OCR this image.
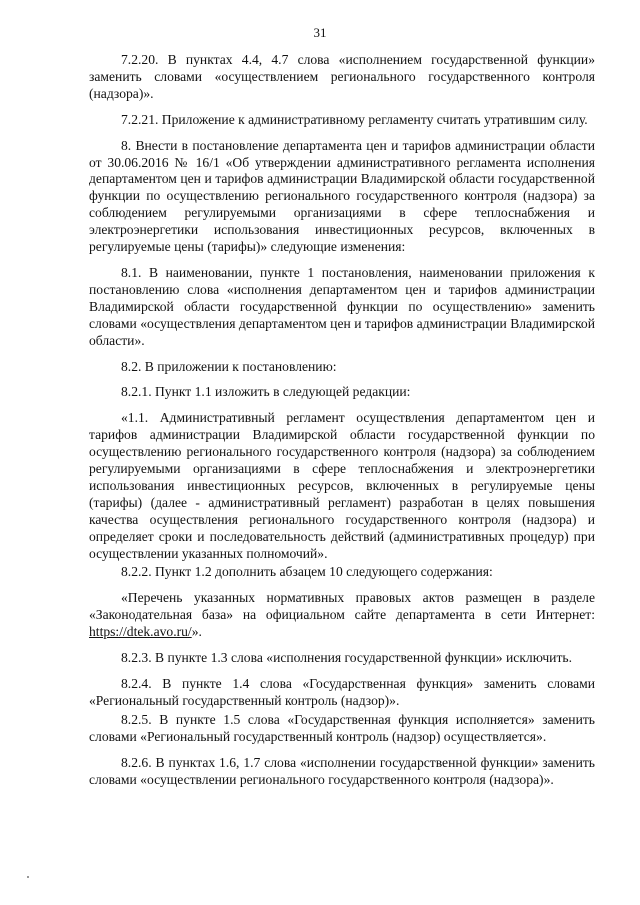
31

7.2.20. В пунктах 4.4, 4.7 слова «исполнением государственной функции» заменить словами «осуществлением регионального государственного контроля (надзора)».

7.2.21. Приложение к административному регламенту считать утратившим силу.

8. Внести в постановление департамента цен и тарифов администрации области от 30.06.2016 № 16/1 «Об утверждении административного регламента исполнения департаментом цен и тарифов администрации Владимирской области государственной функции по осуществлению регионального государственного контроля (надзора) за соблюдением регулируемыми организациями в сфере теплоснабжения и электроэнергетики использования инвестиционных ресурсов, включенных в регулируемые цены (тарифы)» следующие изменения:

8.1. В наименовании, пункте 1 постановления, наименовании приложения к постановлению слова «исполнения департаментом цен и тарифов администрации Владимирской области государственной функции по осуществлению» заменить словами «осуществления департаментом цен и тарифов администрации Владимирской области».

8.2. В приложении к постановлению:

8.2.1. Пункт 1.1 изложить в следующей редакции:

«1.1. Административный регламент осуществления департаментом цен и тарифов администрации Владимирской области государственной функции по осуществлению регионального государственного контроля (надзора) за соблюдением регулируемыми организациями в сфере теплоснабжения и электроэнергетики использования инвестиционных ресурсов, включенных в регулируемые цены (тарифы) (далее - административный регламент) разработан в целях повышения качества осуществления регионального государственного контроля (надзора) и определяет сроки и последовательность действий (административных процедур) при осуществлении указанных полномочий».

8.2.2. Пункт 1.2 дополнить абзацем 10 следующего содержания:

«Перечень указанных нормативных правовых актов размещен в разделе «Законодательная база» на официальном сайте департамента в сети Интернет: https://dtek.avo.ru/».

8.2.3. В пункте 1.3 слова «исполнения государственной функции» исключить.

8.2.4. В пункте 1.4 слова «Государственная функция» заменить словами «Региональный государственный контроль (надзор)».

8.2.5. В пункте 1.5 слова «Государственная функция исполняется» заменить словами «Региональный государственный контроль (надзор) осуществляется».

8.2.6. В пунктах 1.6, 1.7 слова «исполнении государственной функции» заменить словами «осуществлении регионального государственного контроля (надзора)».
